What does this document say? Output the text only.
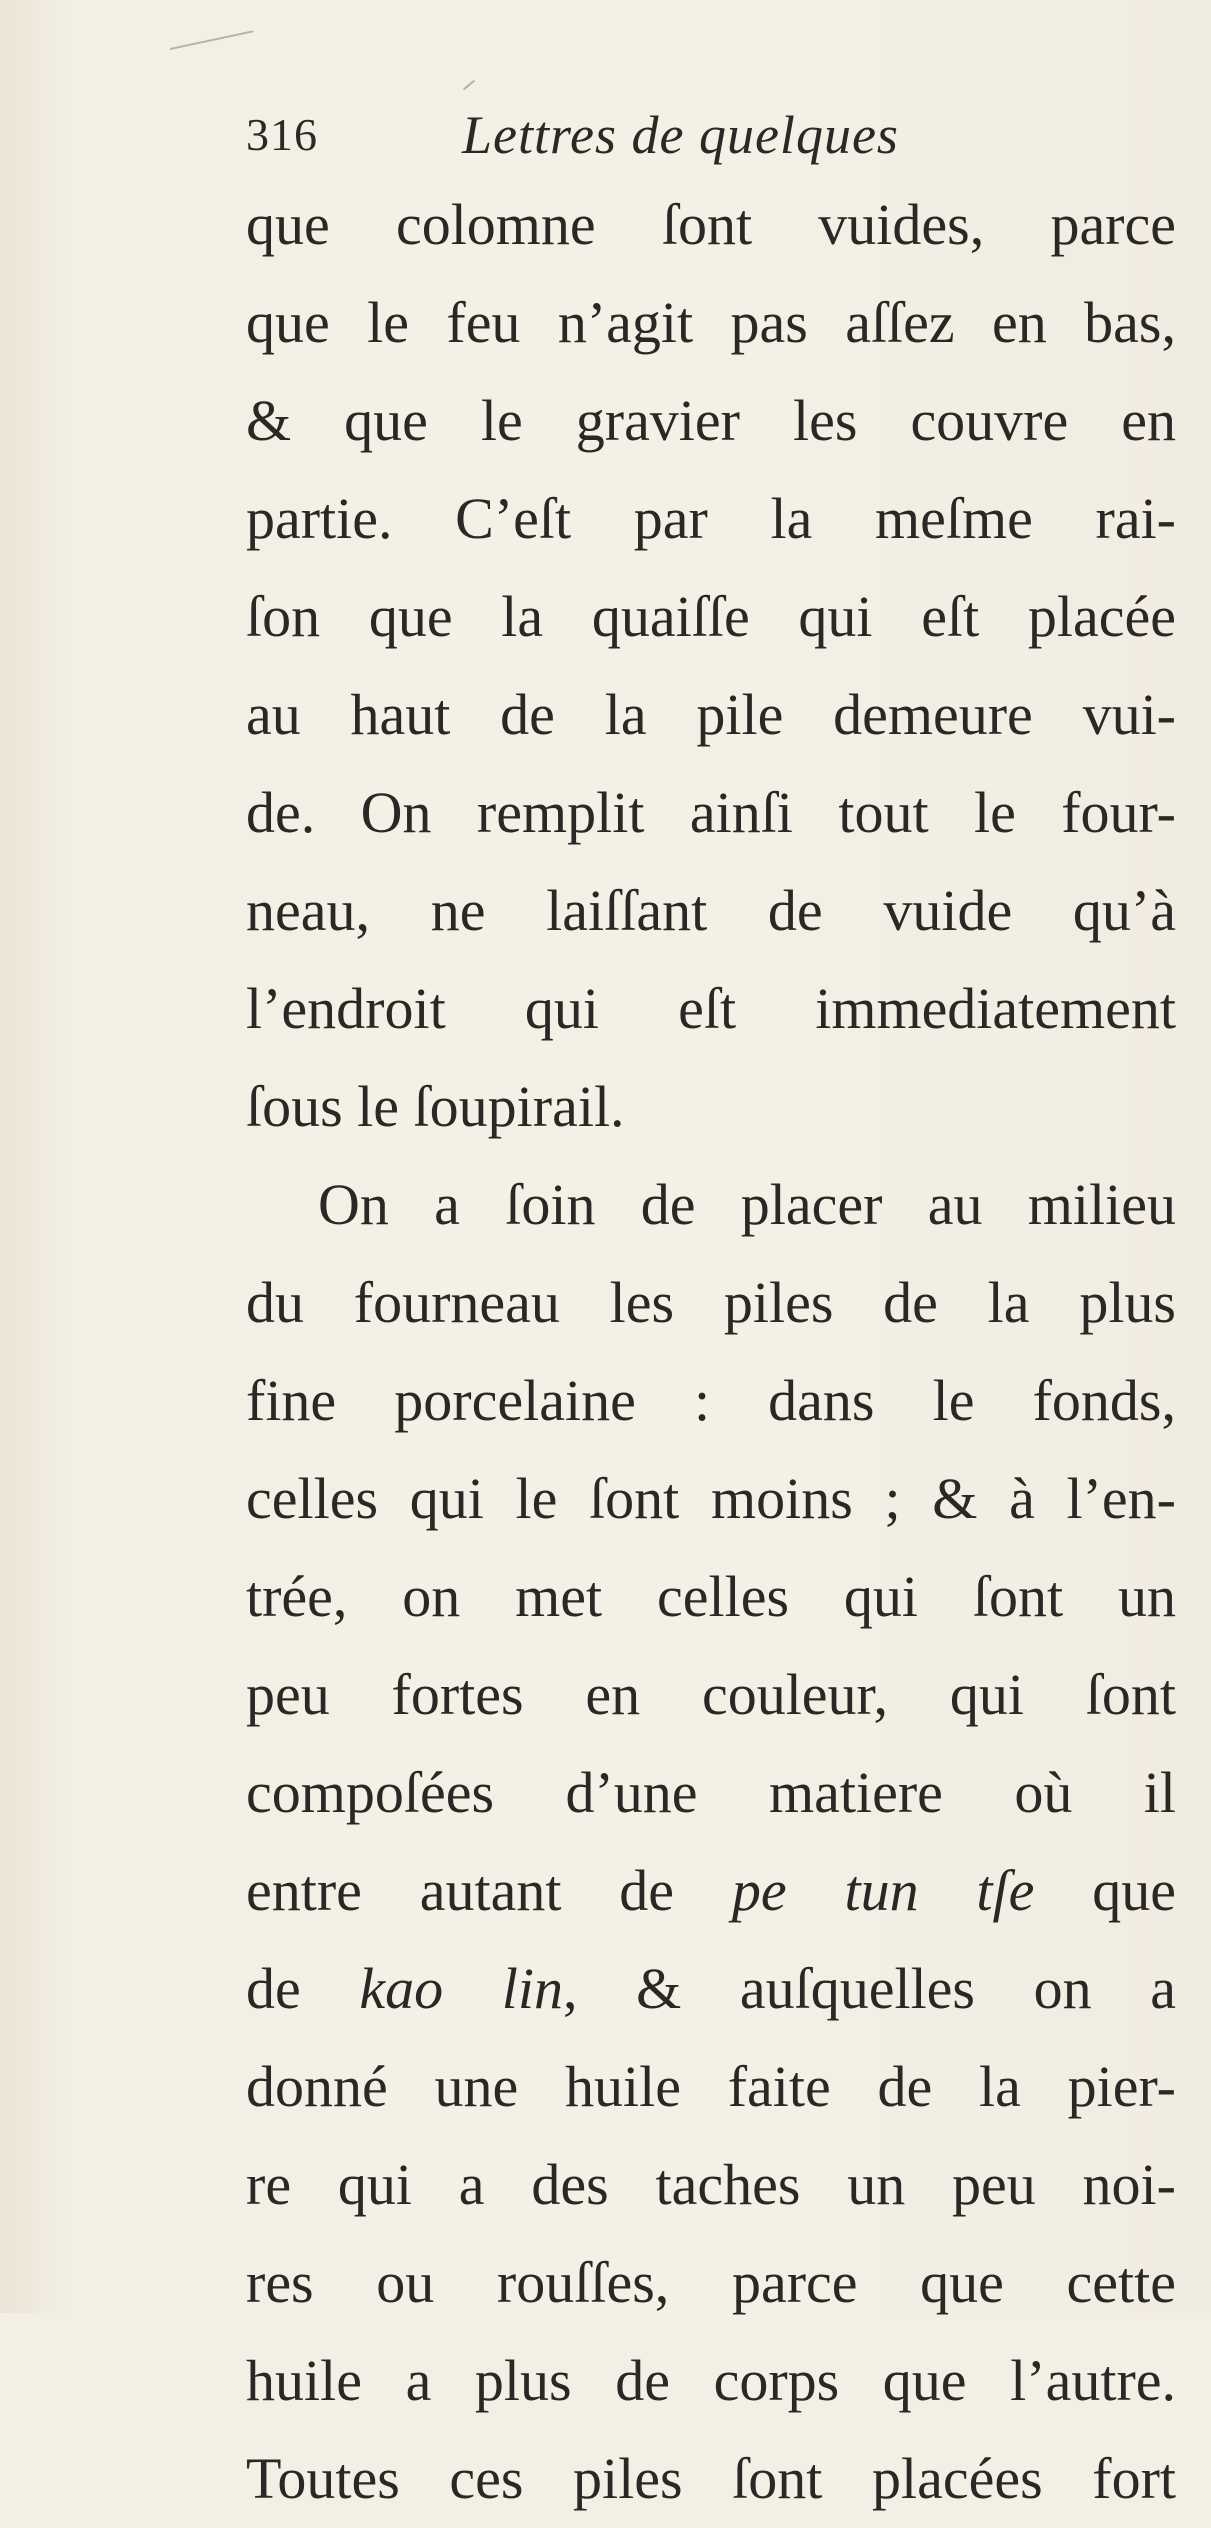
316	Lettres de quelques
que colomne ſont vuides, parce
que le feu n’agit pas aſſez en bas,
& que le gravier les couvre en
partie. C’eſt par la meſme rai-
ſon que la quaiſſe qui eſt placée
au haut de la pile demeure vui-
de. On remplit ainſi tout le four-
neau, ne laiſſant de vuide qu’à
l’endroit qui eſt immediatement
ſous le ſoupirail.
On a ſoin de placer au milieu
du fourneau les piles de la plus
fine porcelaine : dans le fonds,
celles qui le ſont moins ; & à l’en-
trée, on met celles qui ſont un
peu fortes en couleur, qui ſont
compoſées d’une matiere où il
entre autant de pe tun tſe que
de kao lin, & auſquelles on a
donné une huile faite de la pier-
re qui a des taches un peu noi-
res ou rouſſes, parce que cette
huile a plus de corps que l’autre.
Toutes ces piles ſont placées fort
